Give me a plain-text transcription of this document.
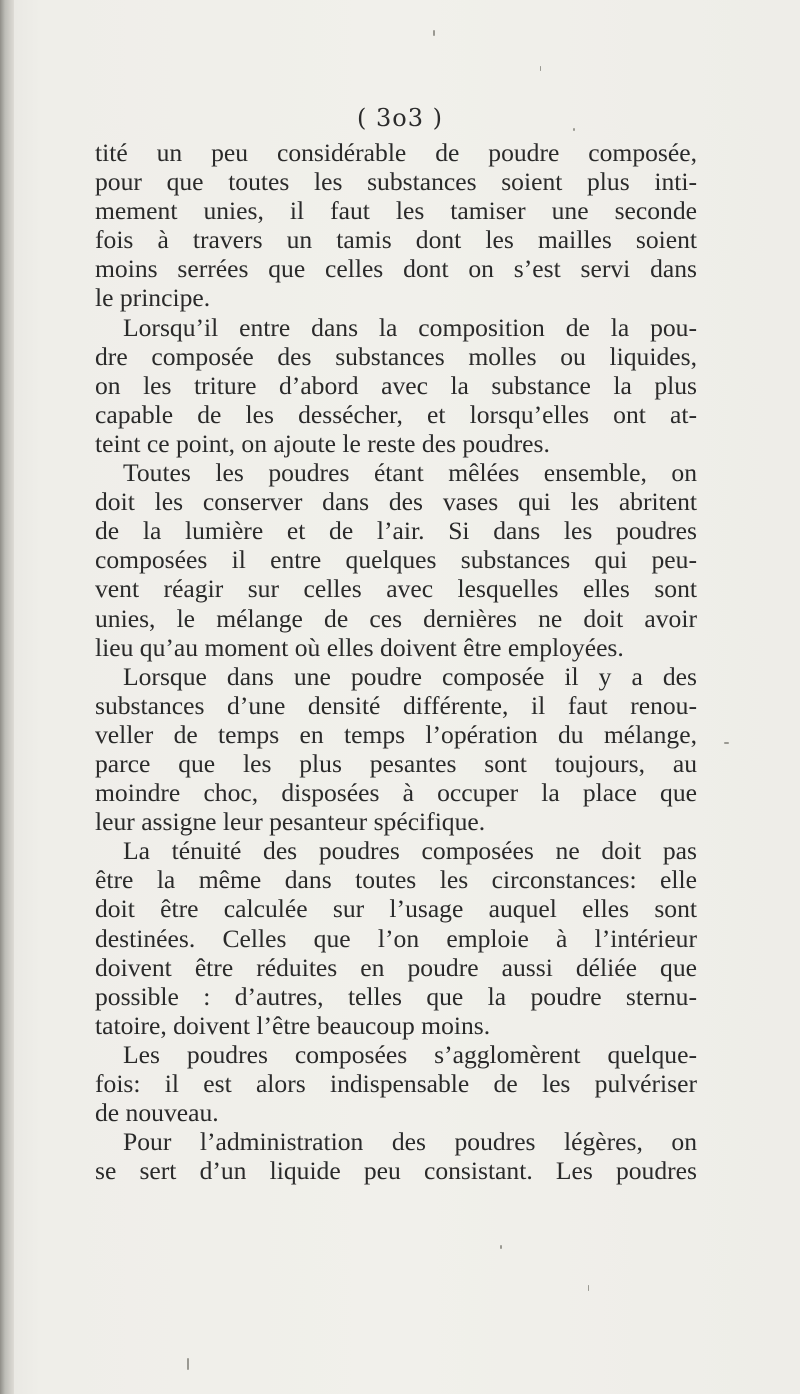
( 3o3 )
tité un peu considérable de poudre composée,
pour que toutes les substances soient plus inti-
mement unies, il faut les tamiser une seconde
fois à travers un tamis dont les mailles soient
moins serrées que celles dont on s’est servi dans
le principe.
Lorsqu’il entre dans la composition de la pou-
dre composée des substances molles ou liquides,
on les triture d’abord avec la substance la plus
capable de les dessécher, et lorsqu’elles ont at-
teint ce point, on ajoute le reste des poudres.
Toutes les poudres étant mêlées ensemble, on
doit les conserver dans des vases qui les abritent
de la lumière et de l’air. Si dans les poudres
composées il entre quelques substances qui peu-
vent réagir sur celles avec lesquelles elles sont
unies, le mélange de ces dernières ne doit avoir
lieu qu’au moment où elles doivent être employées.
Lorsque dans une poudre composée il y a des
substances d’une densité différente, il faut renou-
veller de temps en temps l’opération du mélange,
parce que les plus pesantes sont toujours, au
moindre choc, disposées à occuper la place que
leur assigne leur pesanteur spécifique.
La ténuité des poudres composées ne doit pas
être la même dans toutes les circonstances: elle
doit être calculée sur l’usage auquel elles sont
destinées. Celles que l’on emploie à l’intérieur
doivent être réduites en poudre aussi déliée que
possible : d’autres, telles que la poudre sternu-
tatoire, doivent l’être beaucoup moins.
Les poudres composées s’agglomèrent quelque-
fois: il est alors indispensable de les pulvériser
de nouveau.
Pour l’administration des poudres légères, on
se sert d’un liquide peu consistant. Les poudres
